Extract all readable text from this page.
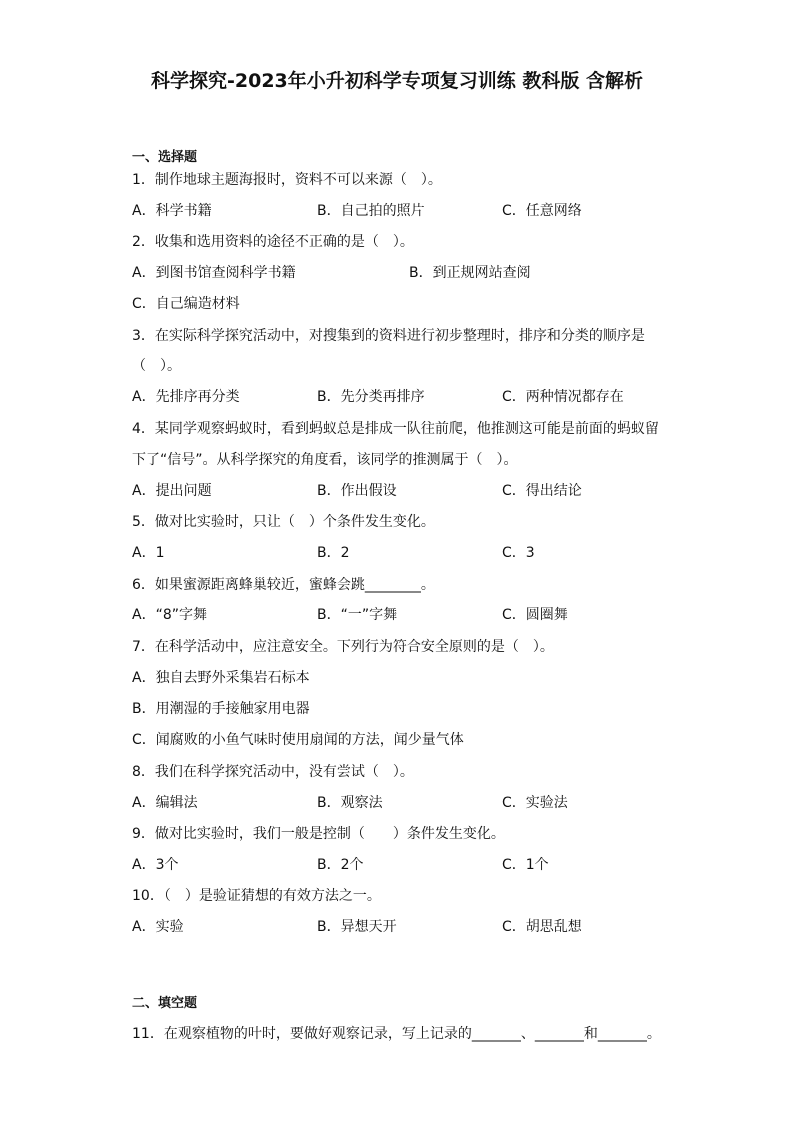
科学探究-2023年小升初科学专项复习训练 教科版 含解析
一、选择题
1．制作地球主题海报时，资料不可以来源（　）。
A．科学书籍	B．自己拍的照片	C．任意网络
2．收集和选用资料的途径不正确的是（　）。
A．到图书馆查阅科学书籍	B．到正规网站查阅
C．自己编造材料
3．在实际科学探究活动中，对搜集到的资料进行初步整理时，排序和分类的顺序是
（　）。
A．先排序再分类	B．先分类再排序	C．两种情况都存在
4．某同学观察蚂蚁时，看到蚂蚁总是排成一队往前爬，他推测这可能是前面的蚂蚁留
下了“信号”。从科学探究的角度看，该同学的推测属于（　）。
A．提出问题	B．作出假设	C．得出结论
5．做对比实验时，只让（　）个条件发生变化。
A．1	B．2	C．3
6．如果蜜源距离蜂巢较近，蜜蜂会跳________。
A．“8”字舞	B．“一”字舞	C．圆圈舞
7．在科学活动中，应注意安全。下列行为符合安全原则的是（　）。
A．独自去野外采集岩石标本
B．用潮湿的手接触家用电器
C．闻腐败的小鱼气味时使用扇闻的方法，闻少量气体
8．我们在科学探究活动中，没有尝试（　）。
A．编辑法	B．观察法	C．实验法
9．做对比实验时，我们一般是控制（　　）条件发生变化。
A．3个	B．2个	C．1个
10．（　）是验证猜想的有效方法之一。
A．实验	B．异想天开	C．胡思乱想
二、填空题
11．在观察植物的叶时，要做好观察记录，写上记录的_______、_______和_______。
